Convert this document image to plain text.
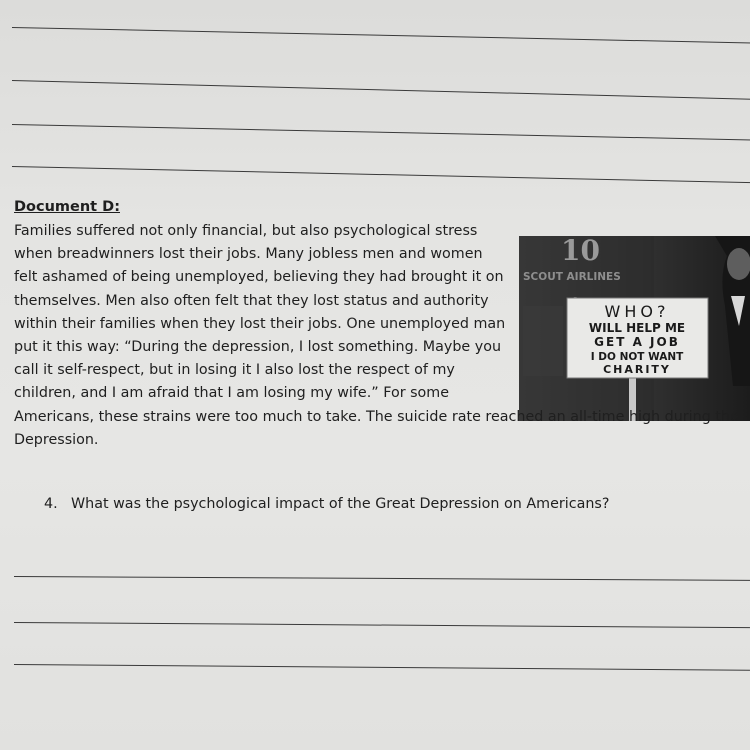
Document D:
10
SCOUT AIRLINES
WHO?
WILL HELP ME
GET A JOB
I DO NOT WANT
CHARITY
Families suffered not only financial, but also psychological stress
when breadwinners lost their jobs. Many jobless men and women
felt ashamed of being unemployed, believing they had brought it on
themselves. Men also often felt that they lost status and authority
within their families when they lost their jobs. One unemployed man
put it this way: “During the depression, I lost something. Maybe you
call it self-respect, but in losing it I also lost the respect of my
children, and I am afraid that I am losing my wife.” For some
Americans, these strains were too much to take. The suicide rate reached an all-time high during the
Depression.
4. What was the psychological impact of the Great Depression on Americans?
